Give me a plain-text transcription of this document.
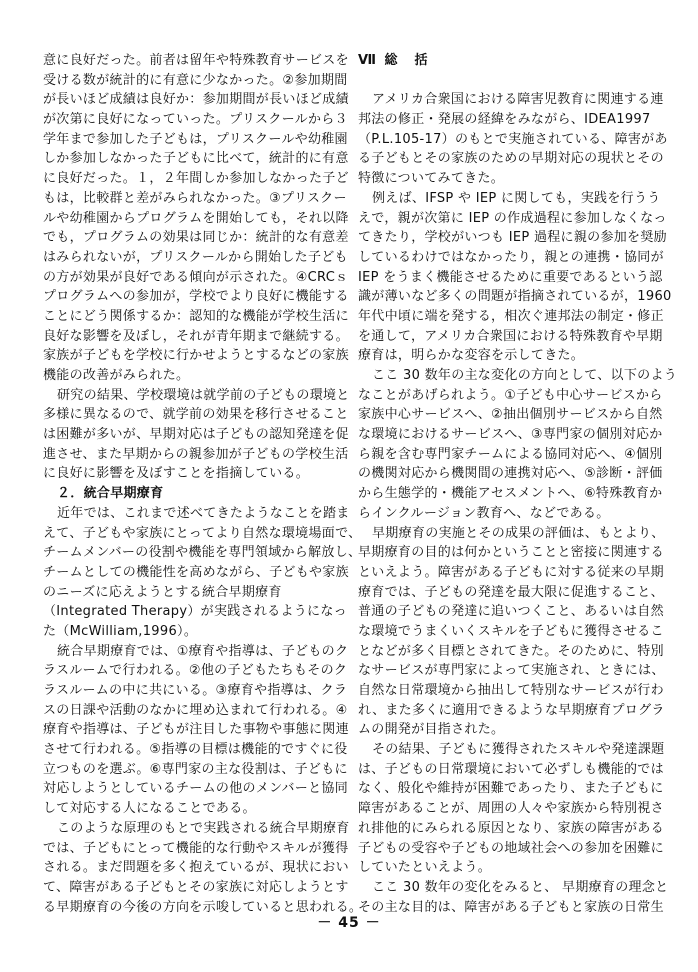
意に良好だった。前者は留年や特殊教育サービスを
受ける数が統計的に有意に少なかった。②参加期間
が長いほど成績は良好か：参加期間が長いほど成績
が次第に良好になっていった。プリスクールから３
学年まで参加した子どもは，プリスクールや幼稚園
しか参加しなかった子どもに比べて，統計的に有意
に良好だった。１，２年間しか参加しなかった子ど
もは，比較群と差がみられなかった。③プリスクー
ルや幼稚園からプログラムを開始しても，それ以降
でも，プログラムの効果は同じか：統計的な有意差
はみられないが，プリスクールから開始した子ども
の方が効果が良好である傾向が示された。④CRCｓ
プログラムへの参加が，学校でより良好に機能する
ことにどう関係するか：認知的な機能が学校生活に
良好な影響を及ぼし，それが青年期まで継続する。
家族が子どもを学校に行かせようとするなどの家族
機能の改善がみられた。
研究の結果、学校環境は就学前の子どもの環境と
多様に異なるので、就学前の効果を移行させること
は困難が多いが、早期対応は子どもの認知発達を促
進させ、また早期からの親参加が子どもの学校生活
に良好に影響を及ぼすことを指摘している。
２．統合早期療育
近年では、これまで述べてきたようなことを踏ま
えて、子どもや家族にとってより自然な環境場面で、
チームメンバーの役割や機能を専門領域から解放し、
チームとしての機能性を高めながら、子どもや家族
のニーズに応えようとする統合早期療育
（Integrated Therapy）が実践されるようになっ
た（McWilliam,1996）。
統合早期療育では、①療育や指導は、子どものク
ラスルームで行われる。②他の子どもたちもそのク
ラスルームの中に共にいる。③療育や指導は、クラ
スの日課や活動のなかに埋め込まれて行われる。④
療育や指導は、子どもが注目した事物や事態に関連
させて行われる。⑤指導の目標は機能的ですぐに役
立つものを選ぶ。⑥専門家の主な役割は、子どもに
対応しようとしているチームの他のメンバーと協同
して対応する人になることである。
このような原理のもとで実践される統合早期療育
では、子どもにとって機能的な行動やスキルが獲得
される。まだ問題を多く抱えているが、現状におい
て、障害がある子どもとその家族に対応しようとす
る早期療育の今後の方向を示唆していると思われる。
Ⅶ 総　括
アメリカ合衆国における障害児教育に関連する連
邦法の修正・発展の経緯をみながら、IDEA1997
（P.L.105-17）のもとで実施されている、障害があ
る子どもとその家族のための早期対応の現状とその
特徴についてみてきた。
例えば、IFSP や IEP に関しても，実践を行うう
えで，親が次第に IEP の作成過程に参加しなくなっ
てきたり，学校がいつも IEP 過程に親の参加を奨励
しているわけではなかったり，親との連携・協同が
IEP をうまく機能させるために重要であるという認
識が薄いなど多くの問題が指摘されているが，1960
年代中頃に端を発する，相次ぐ連邦法の制定・修正
を通して，アメリカ合衆国における特殊教育や早期
療育は，明らかな変容を示してきた。
ここ 30 数年の主な変化の方向として、以下のよう
なことがあげられよう。①子ども中心サービスから
家族中心サービスへ、②抽出個別サービスから自然
な環境におけるサービスへ、③専門家の個別対応か
ら親を含む専門家チームによる協同対応へ、④個別
の機関対応から機関間の連携対応へ、⑤診断・評価
から生態学的・機能アセスメントへ、⑥特殊教育か
らインクルージョン教育へ、などである。
早期療育の実施とその成果の評価は、もとより、
早期療育の目的は何かということと密接に関連する
といえよう。障害がある子どもに対する従来の早期
療育では、子どもの発達を最大限に促進すること、
普通の子どもの発達に追いつくこと、あるいは自然
な環境でうまくいくスキルを子どもに獲得させるこ
となどが多く目標とされてきた。そのために、特別
なサービスが専門家によって実施され、ときには、
自然な日常環境から抽出して特別なサービスが行わ
れ、また多くに適用できるような早期療育プログラ
ムの開発が目指された。
その結果、子どもに獲得されたスキルや発達課題
は、子どもの日常環境において必ずしも機能的では
なく、般化や維持が困難であったり、また子どもに
障害があることが、周囲の人々や家族から特別視さ
れ排他的にみられる原因となり、家族の障害がある
子どもの受容や子どもの地域社会への参加を困難に
していたといえよう。
ここ 30 数年の変化をみると、 早期療育の理念と
その主な目的は、障害がある子どもと家族の日常生
－ 45 －
